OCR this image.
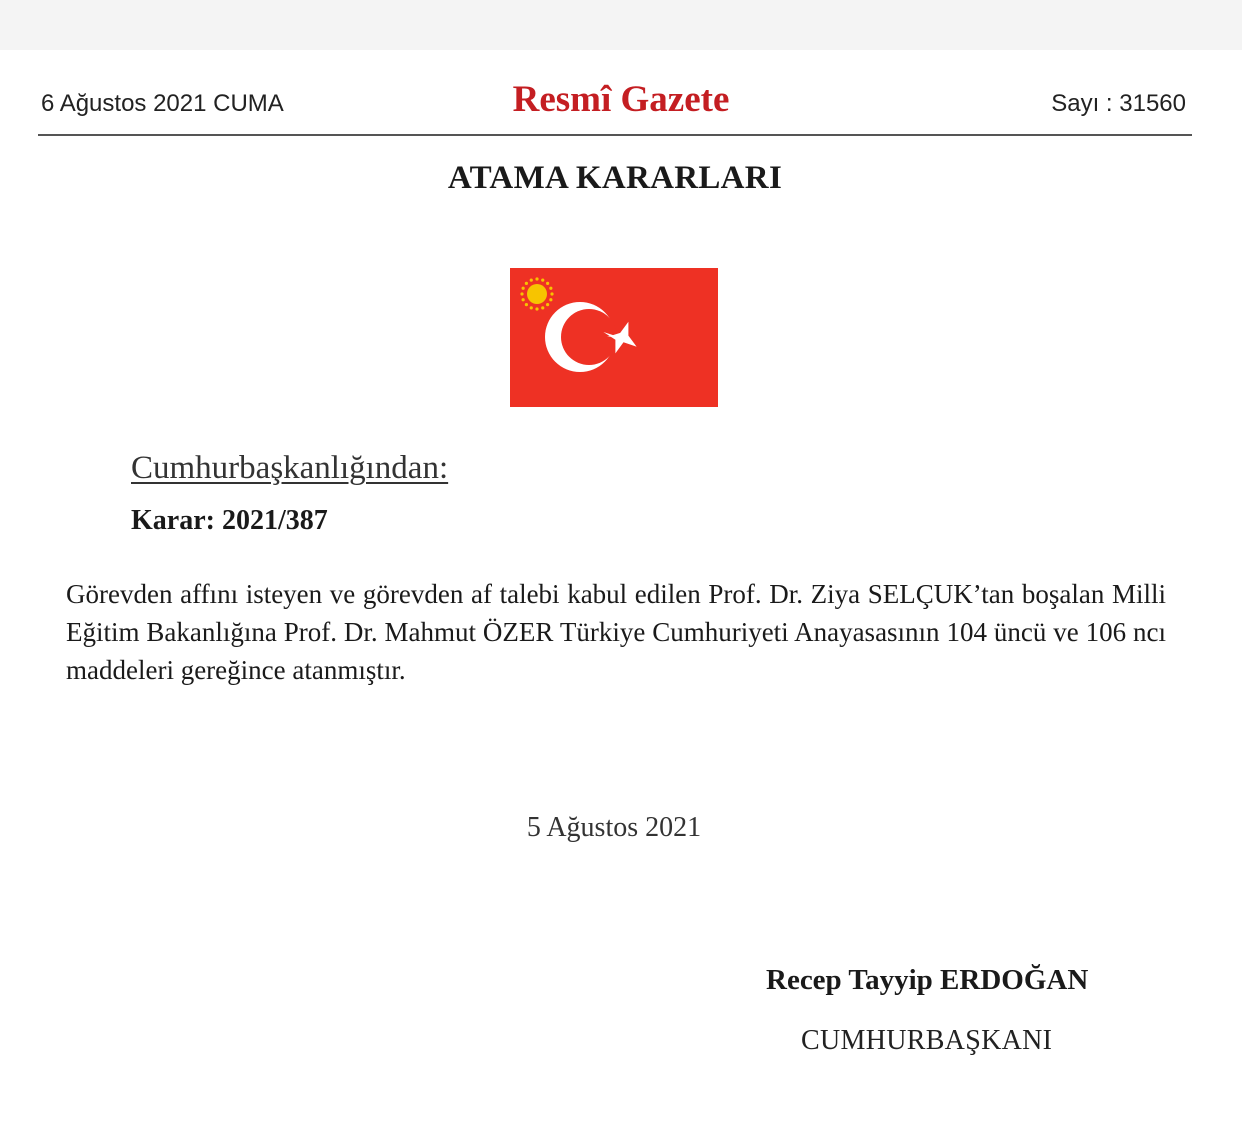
6 Ağustos 2021 CUMA	Resmî Gazete	Sayı : 31560
ATAMA KARARLARI
Cumhurbaşkanlığından:
Karar: 2021/387
Görevden affını isteyen ve görevden af talebi kabul edilen Prof. Dr. Ziya SELÇUK’tan boşalan Milli Eğitim Bakanlığına Prof. Dr. Mahmut ÖZER Türkiye Cumhuriyeti Anayasasının 104 üncü ve 106 ncı maddeleri gereğince atanmıştır.
5 Ağustos 2021
Recep Tayyip ERDOĞAN
CUMHURBAŞKANI
